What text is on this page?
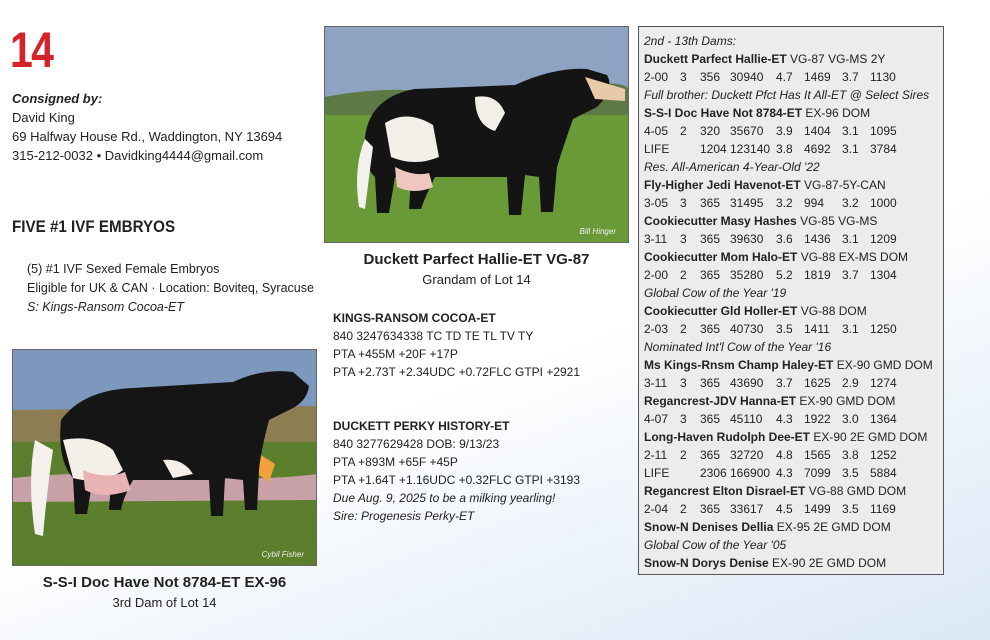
14
Consigned by:
David King
69 Halfway House Rd., Waddington, NY 13694
315-212-0032 • Davidking4444@gmail.com
FIVE #1 IVF EMBRYOS
(5) #1 IVF Sexed Female Embryos
Eligible for UK & CAN · Location: Boviteq, Syracuse
S: Kings-Ransom Cocoa-ET
Bill Hinger
Duckett Parfect Hallie-ET VG-87
Grandam of Lot 14
Cybil Fisher
S-S-I Doc Have Not 8784-ET EX-96
3rd Dam of Lot 14
KINGS-RANSOM COCOA-ET
840 3247634338 TC TD TE TL TV TY
PTA +455M +20F +17P
PTA +2.73T +2.34UDC +0.72FLC GTPI +2921
DUCKETT PERKY HISTORY-ET
840 3277629428 DOB: 9/13/23
PTA +893M +65F +45P
PTA +1.64T +1.16UDC +0.32FLC GTPI +3193
Due Aug. 9, 2025 to be a milking yearling!
Sire: Progenesis Perky-ET
2nd - 13th Dams:
Duckett Parfect Hallie-ET VG-87 VG-MS 2Y
2-00 3 356 30940 4.7 1469 3.7 1130
Full brother: Duckett Pfct Has It All-ET @ Select Sires
S-S-I Doc Have Not 8784-ET EX-96 DOM
4-05 2 320 35670 3.9 1404 3.1 1095
LIFE	1204 123140 3.8 4692 3.1 3784
Res. All-American 4-Year-Old '22
Fly-Higher Jedi Havenot-ET VG-87-5Y-CAN
3-05 3 365 31495 3.2 994 3.2 1000
Cookiecutter Masy Hashes VG-85 VG-MS
3-11 3 365 39630 3.6 1436 3.1 1209
Cookiecutter Mom Halo-ET VG-88 EX-MS DOM
2-00 2 365 35280 5.2 1819 3.7 1304
Global Cow of the Year '19
Cookiecutter Gld Holler-ET VG-88 DOM
2-03 2 365 40730 3.5 1411 3.1 1250
Nominated Int'l Cow of the Year '16
Ms Kings-Rnsm Champ Haley-ET EX-90 GMD DOM
3-11 3 365 43690 3.7 1625 2.9 1274
Regancrest-JDV Hanna-ET EX-90 GMD DOM
4-07 3 365 45110 4.3 1922 3.0 1364
Long-Haven Rudolph Dee-ET EX-90 2E GMD DOM
2-11 2 365 32720 4.8 1565 3.8 1252
LIFE	2306 166900 4.3 7099 3.5 5884
Regancrest Elton Disrael-ET VG-88 GMD DOM
2-04 2 365 33617 4.5 1499 3.5 1169
Snow-N Denises Dellia EX-95 2E GMD DOM
Global Cow of the Year '05
Snow-N Dorys Denise EX-90 2E GMD DOM
